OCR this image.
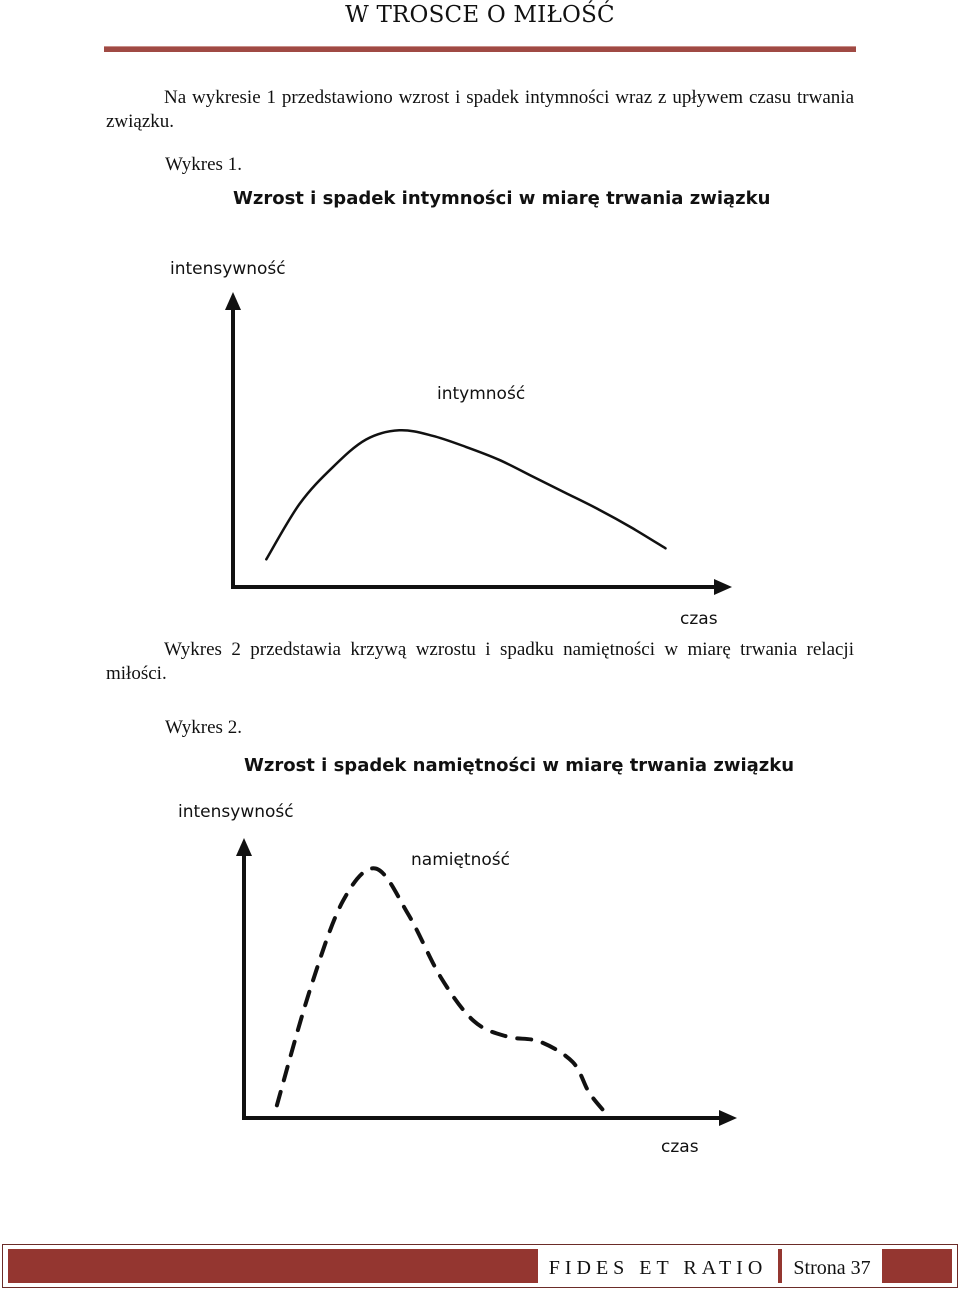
W TROSCE O MIŁOŚĆ

Na wykresie 1 przedstawiono wzrost i spadek intymności wraz z upływem czasu trwania związku.

Wykres 1.
Wzrost i spadek intymności w miarę trwania związku
intensywność
czas
intymność

Wykres 2 przedstawia krzywą wzrostu i spadku namiętności w miarę trwania relacji miłości.

Wykres 2.
Wzrost i spadek namiętności w miarę trwania związku
intensywność
czas
namiętność
FIDES ET RATIO	Strona 37
